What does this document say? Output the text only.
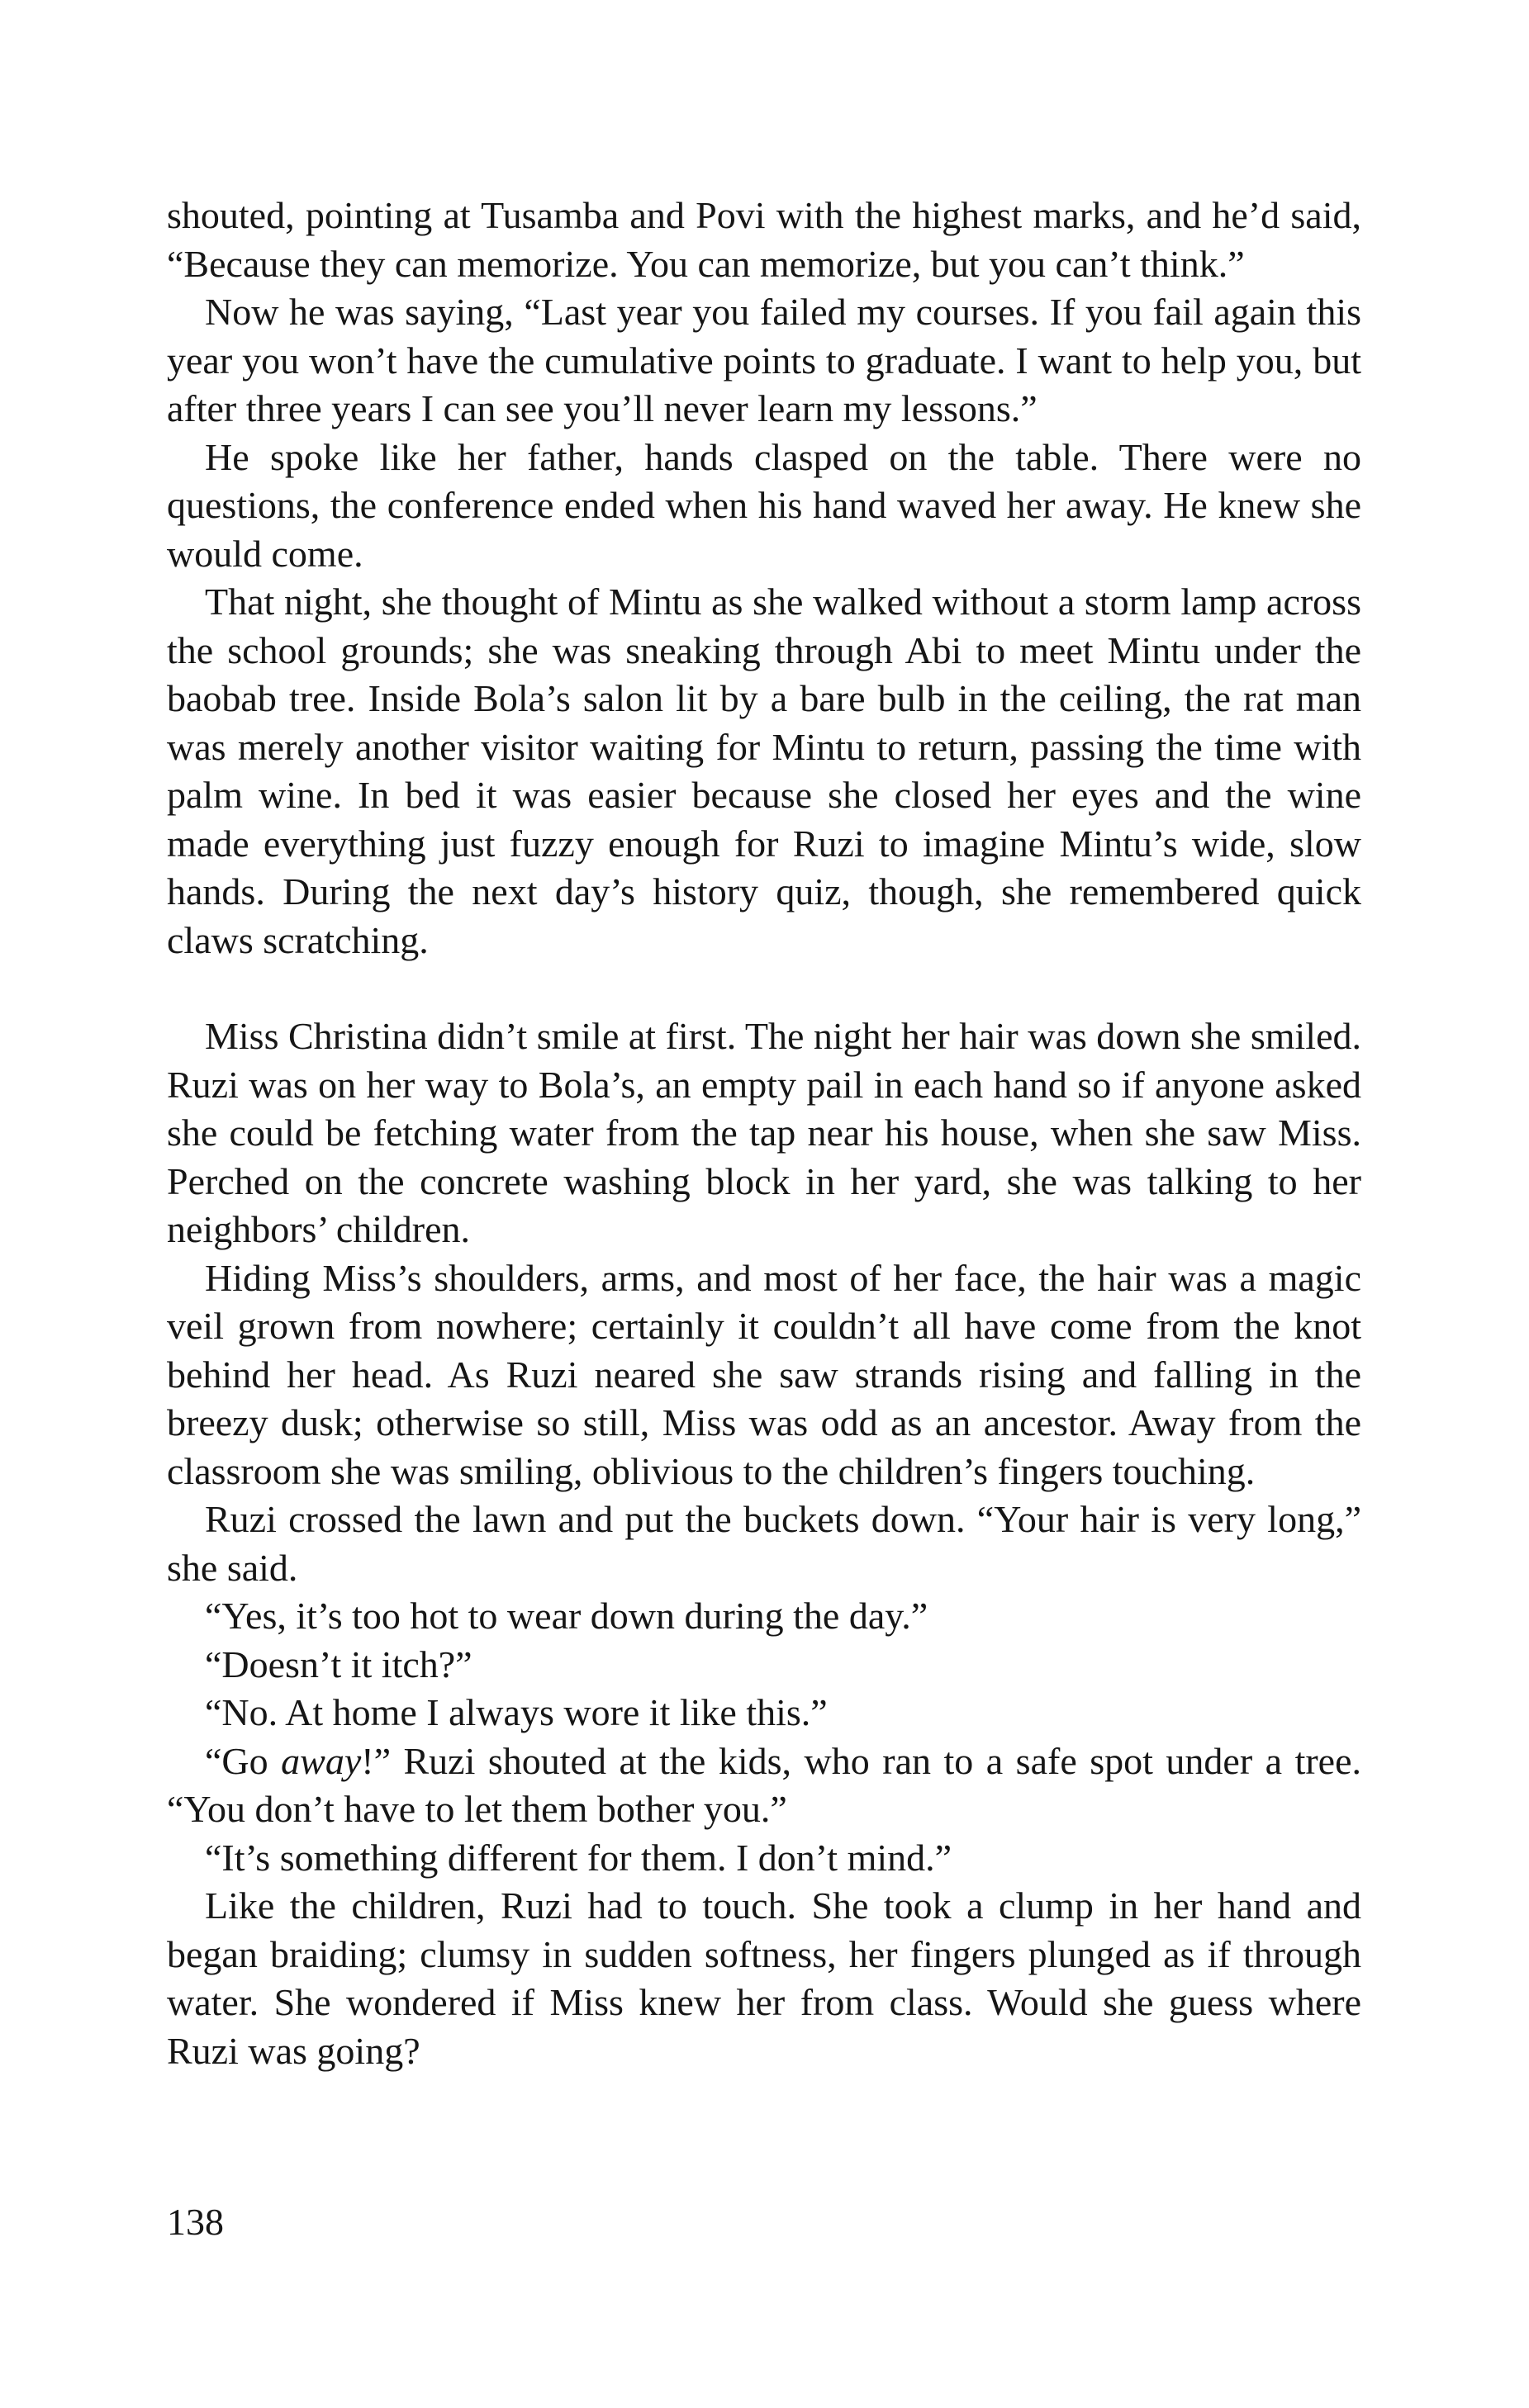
shouted, pointing at Tusamba and Povi with the highest marks, and he’d said, “Because they can memorize. You can memorize, but you can’t think.”

Now he was saying, “Last year you failed my courses. If you fail again this year you won’t have the cumulative points to graduate. I want to help you, but after three years I can see you’ll never learn my lessons.”

He spoke like her father, hands clasped on the table. There were no questions, the conference ended when his hand waved her away. He knew she would come.

That night, she thought of Mintu as she walked without a storm lamp across the school grounds; she was sneaking through Abi to meet Mintu under the baobab tree. Inside Bola’s salon lit by a bare bulb in the ceiling, the rat man was merely another visitor waiting for Mintu to return, passing the time with palm wine. In bed it was easier because she closed her eyes and the wine made everything just fuzzy enough for Ruzi to imagine Mintu’s wide, slow hands. During the next day’s history quiz, though, she remembered quick claws scratching.

Miss Christina didn’t smile at first. The night her hair was down she smiled. Ruzi was on her way to Bola’s, an empty pail in each hand so if anyone asked she could be fetching water from the tap near his house, when she saw Miss. Perched on the concrete washing block in her yard, she was talking to her neighbors’ children.

Hiding Miss’s shoulders, arms, and most of her face, the hair was a magic veil grown from nowhere; certainly it couldn’t all have come from the knot behind her head. As Ruzi neared she saw strands rising and falling in the breezy dusk; otherwise so still, Miss was odd as an ancestor. Away from the classroom she was smiling, oblivious to the children’s fingers touching.

Ruzi crossed the lawn and put the buckets down. “Your hair is very long,” she said.

“Yes, it’s too hot to wear down during the day.”

“Doesn’t it itch?”

“No. At home I always wore it like this.”

“Go away!” Ruzi shouted at the kids, who ran to a safe spot under a tree. “You don’t have to let them bother you.”

“It’s something different for them. I don’t mind.”

Like the children, Ruzi had to touch. She took a clump in her hand and began braiding; clumsy in sudden softness, her fingers plunged as if through water. She wondered if Miss knew her from class. Would she guess where Ruzi was going?

138
